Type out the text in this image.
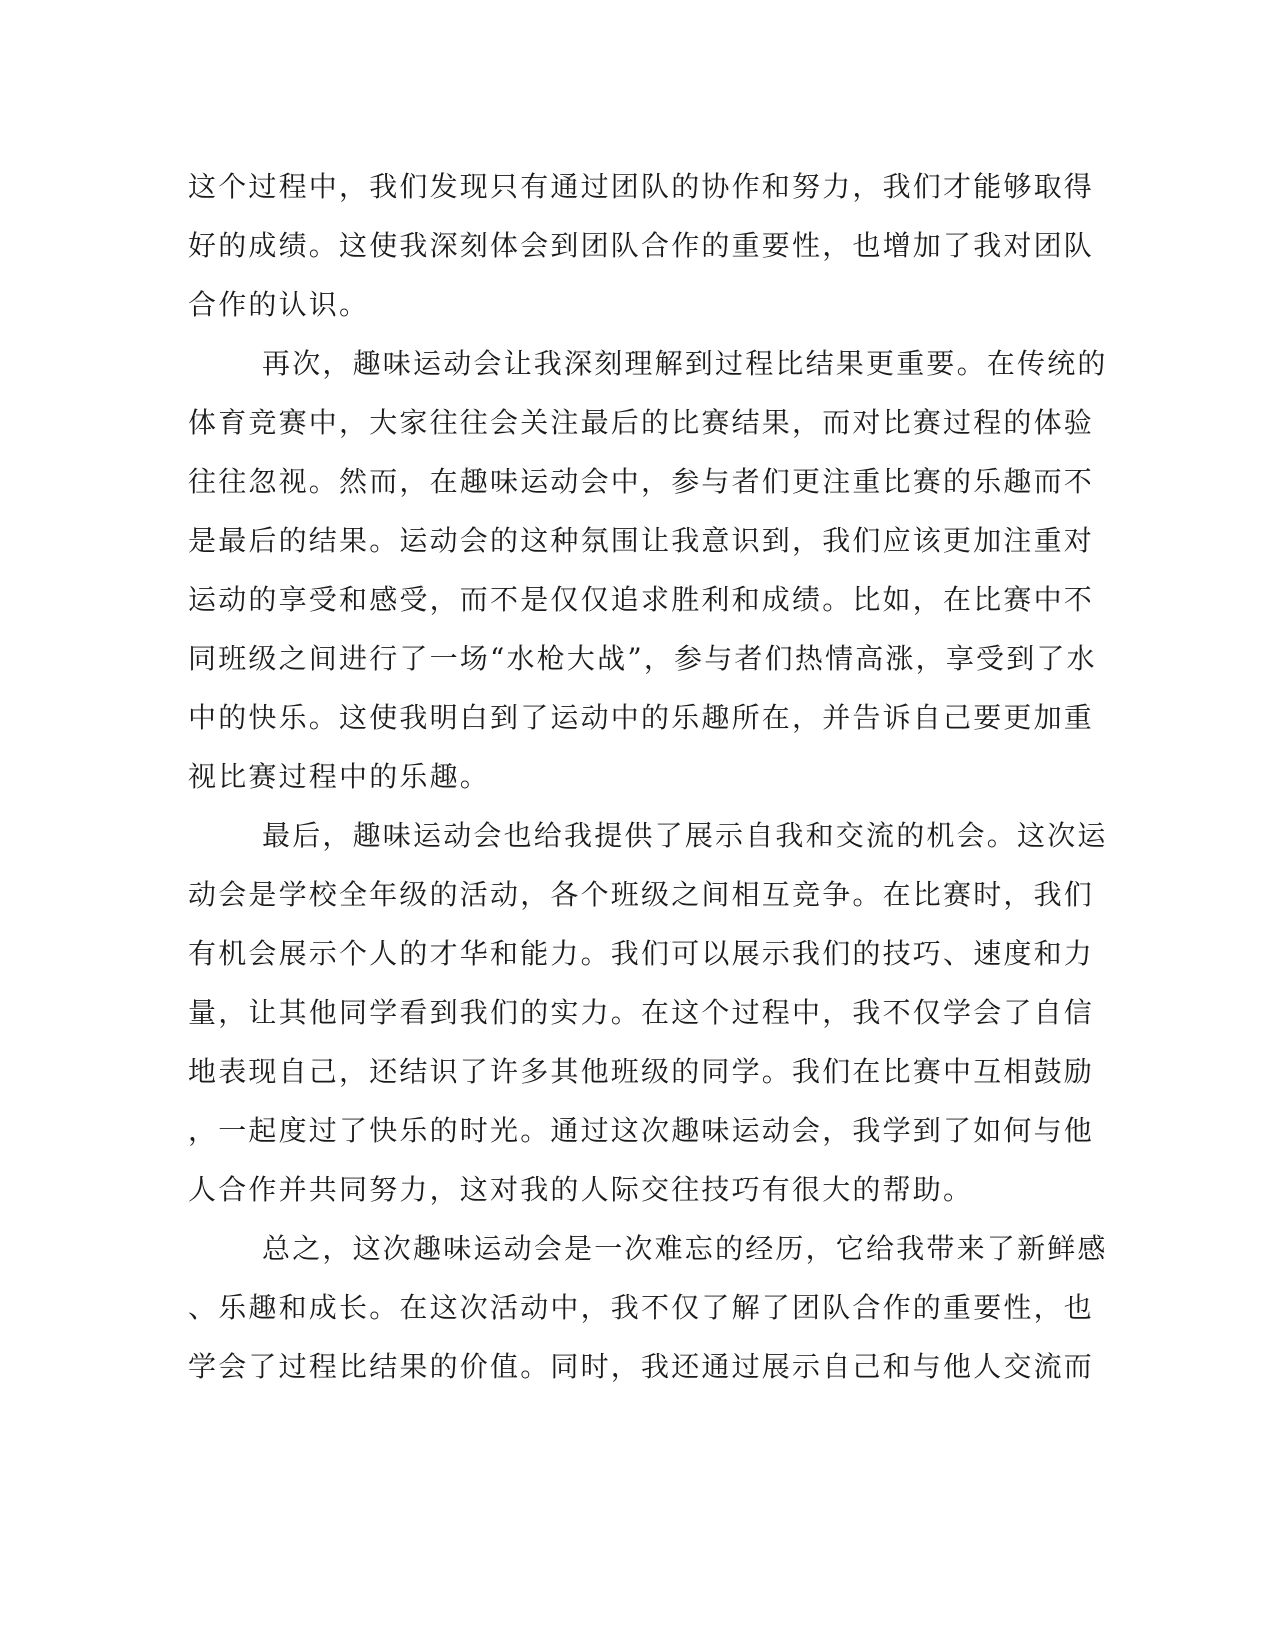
这个过程中，我们发现只有通过团队的协作和努力，我们才能够取得
好的成绩。这使我深刻体会到团队合作的重要性，也增加了我对团队
合作的认识。
再次，趣味运动会让我深刻理解到过程比结果更重要。在传统的
体育竞赛中，大家往往会关注最后的比赛结果，而对比赛过程的体验
往往忽视。然而，在趣味运动会中，参与者们更注重比赛的乐趣而不
是最后的结果。运动会的这种氛围让我意识到，我们应该更加注重对
运动的享受和感受，而不是仅仅追求胜利和成绩。比如，在比赛中不
同班级之间进行了一场“水枪大战”，参与者们热情高涨，享受到了水
中的快乐。这使我明白到了运动中的乐趣所在，并告诉自己要更加重
视比赛过程中的乐趣。
最后，趣味运动会也给我提供了展示自我和交流的机会。这次运
动会是学校全年级的活动，各个班级之间相互竞争。在比赛时，我们
有机会展示个人的才华和能力。我们可以展示我们的技巧、速度和力
量，让其他同学看到我们的实力。在这个过程中，我不仅学会了自信
地表现自己，还结识了许多其他班级的同学。我们在比赛中互相鼓励
，一起度过了快乐的时光。通过这次趣味运动会，我学到了如何与他
人合作并共同努力，这对我的人际交往技巧有很大的帮助。
总之，这次趣味运动会是一次难忘的经历，它给我带来了新鲜感
、乐趣和成长。在这次活动中，我不仅了解了团队合作的重要性，也
学会了过程比结果的价值。同时，我还通过展示自己和与他人交流而
